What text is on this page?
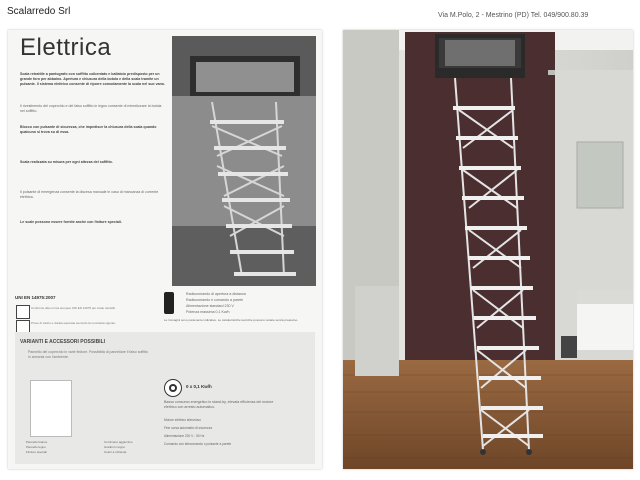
Scalarredo Srl	Via M.Polo, 2 - Mestrino (PD) Tel. 049/900.80.39
Elettrica
Scala retrattile a pantografo con soffitto coibentato e ballatoio predisposto per un grande foro per abbaino. Apertura e chiusura della botola e della scala tramite un pulsante. Il sistema elettrico consente di riporre comodamente la scala nel suo vano.
Il rivestimento del coperchio e del falso soffitto in legno consente di mimetizzare la botola nel soffitto.
Blocco con pulsante di sicurezza, che impedisce la chiusura della scala quando qualcuno si trova su di essa.
Scala realizzata su misura per ogni altezza del soffitto.
Il pulsante di emergenza consente la discesa manuale in caso di mancanza di corrente elettrica.
Le scale possono essere fornite anche con finiture speciali.
UNI EN 14975:2007
Conforme alla norma europea UNI EN 14975 per scale retrattili.
Prove di carico e durata superate secondo la normativa vigente.
Radiocomando di apertura a distanza
Radiocomando e comando a parete
Alimentazione standard 230 V
Potenza massima 0,1 Kw/h
Le immagini sono puramente indicative. Le caratteristiche tecniche possono variare senza preavviso.
VARIANTI E ACCESSORI POSSIBILI
Pannello del coperchio in varie finiture. Possibilità di pannellare il falso soffitto in armonia con l'ambiente.
Pannello bianco
Pannello legno
Finiture speciali
Corrimano aggiuntivo
Gradini in legno
Colori a richiesta
0 x 0,1 Kw/h
Basso consumo energetico in stand-by, elevata efficienza del motore elettrico con arresto automatico.
Motore elettrico silenzioso
Fine corsa automatici di sicurezza
Alimentazione 230 V - 50 Hz
Comando con telecomando o pulsante a parete
